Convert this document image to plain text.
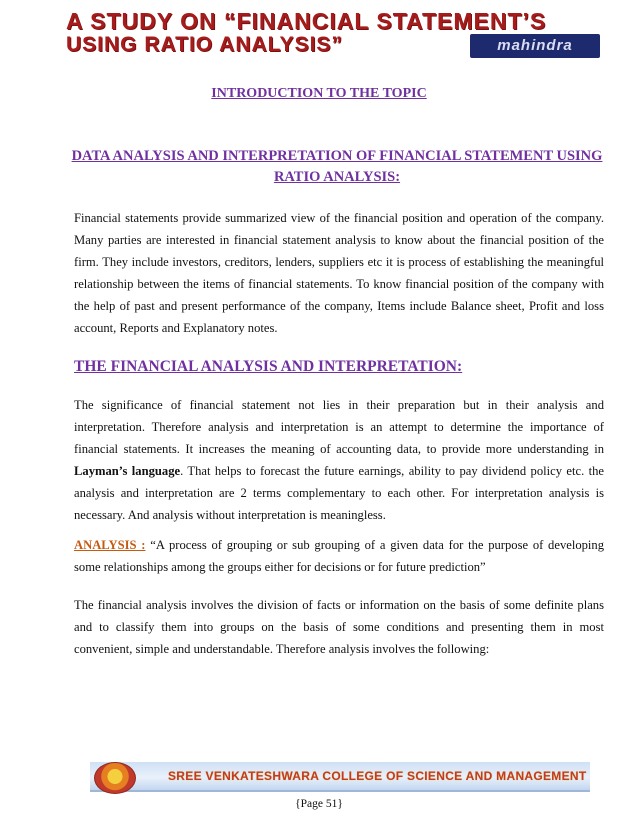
A STUDY ON “FINANCIAL STATEMENT’S
USING RATIO ANALYSIS”	mahindra
INTRODUCTION TO THE TOPIC
DATA ANALYSIS AND INTERPRETATION OF FINANCIAL STATEMENT USING RATIO ANALYSIS:

Financial statements provide summarized view of the financial position and operation of the company. Many parties are interested in financial statement analysis to know about the financial position of the firm. They include investors, creditors, lenders, suppliers etc it is process of establishing the meaningful relationship between the items of financial statements. To know financial position of the company with the help of past and present performance of the company, Items include Balance sheet, Profit and loss account, Reports and Explanatory notes.

THE FINANCIAL ANALYSIS AND INTERPRETATION:

The significance of financial statement not lies in their preparation but in their analysis and interpretation. Therefore analysis and interpretation is an attempt to determine the importance of financial statements. It increases the meaning of accounting data, to provide more understanding in Layman’s language. That helps to forecast the future earnings, ability to pay dividend policy etc. the analysis and interpretation are 2 terms complementary to each other. For interpretation analysis is necessary. And analysis without interpretation is meaningless.

ANALYSIS : “A process of grouping or sub grouping of a given data for the purpose of developing some relationships among the groups either for decisions or for future prediction”

The financial analysis involves the division of facts or information on the basis of some definite plans and to classify them into groups on the basis of some conditions and presenting them in most convenient, simple and understandable. Therefore analysis involves the following:

SREE VENKATESHWARA COLLEGE OF SCIENCE AND MANAGEMENT
{Page 51}
